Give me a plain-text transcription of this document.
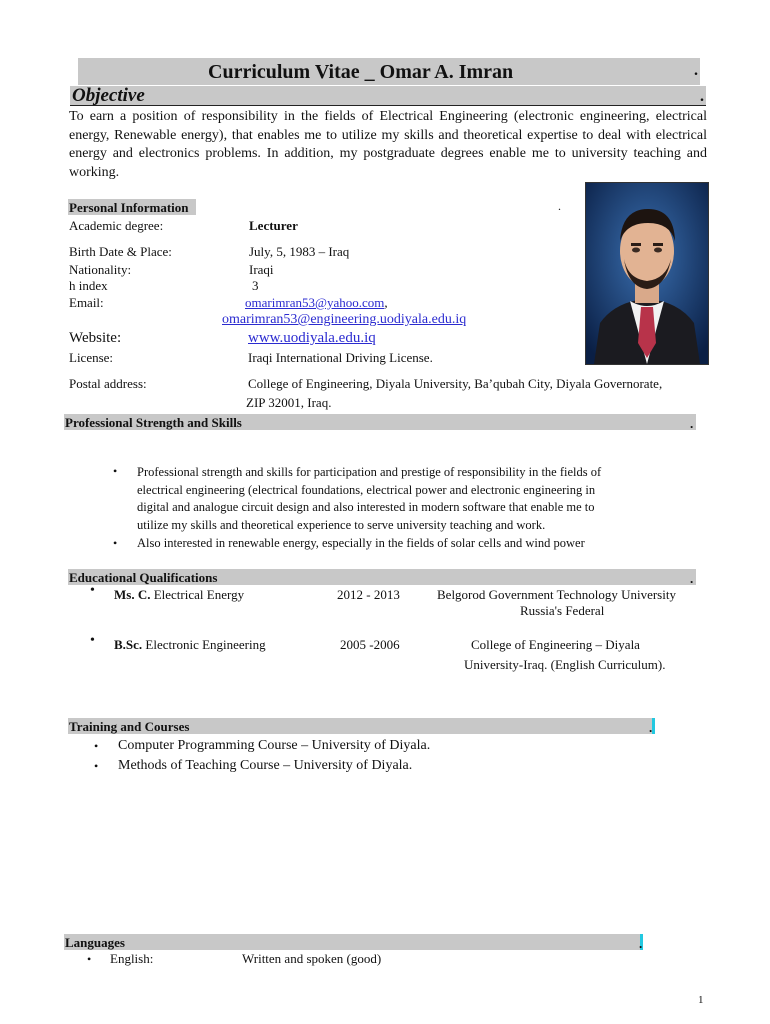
Curriculum Vitae _ Omar A. Imran	.
Objective	.
To earn a position of responsibility in the fields of Electrical Engineering (electronic engineering, electrical energy, Renewable energy), that enables me to utilize my skills and theoretical expertise to deal with electrical energy and electronics problems. In addition, my postgraduate degrees enable me to university teaching and working.
Personal Information	.
Academic degree:	Lecturer
Birth Date & Place:	July, 5, 1983 – Iraq
Nationality:	Iraqi
h index	3
Email:	omarimran53@yahoo.com,
omarimran53@engineering.uodiyala.edu.iq
Website:	www.uodiyala.edu.iq
License:	Iraqi International Driving License.
Postal address:	College of Engineering, Diyala University, Ba’qubah City, Diyala Governorate,
ZIP 32001, Iraq.
Professional Strength and Skills	.
• Professional strength and skills for participation and prestige of responsibility in the fields of
electrical engineering (electrical foundations, electrical power and electronic engineering in
digital and analogue circuit design and also interested in modern software that enable me to
utilize my skills and theoretical experience to serve university teaching and work.
• Also interested in renewable energy, especially in the fields of solar cells and wind power
Educational Qualifications	.
• Ms. C. Electrical Energy	2012 - 2013	Belgorod Government Technology University
Russia's Federal
• B.Sc. Electronic Engineering	2005 -2006	College of Engineering – Diyala
University-Iraq. (English Curriculum).
Training and Courses	.
• Computer Programming Course – University of Diyala.
• Methods of Teaching Course – University of Diyala.
Languages	.
• English:	Written and spoken (good)
1
